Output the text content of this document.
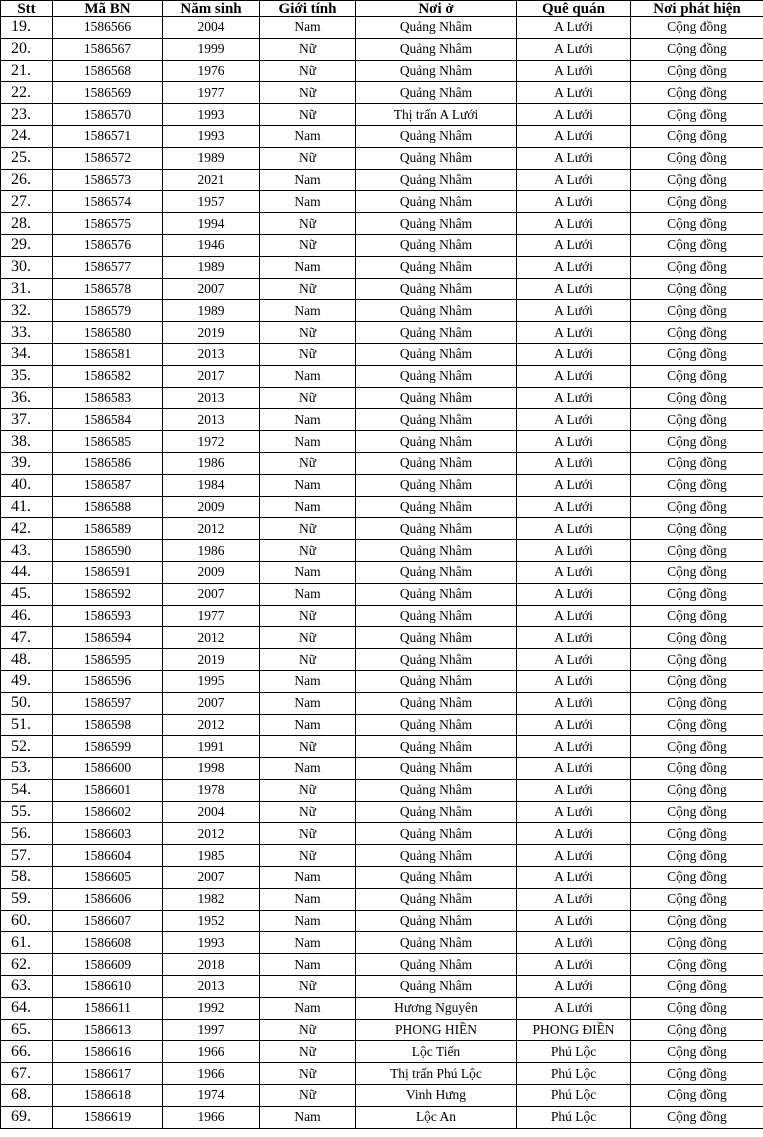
Stt	Mã BN	Năm sinh	Giới tính	Nơi ở	Quê quán	Nơi phát hiện
19.	1586566	2004	Nam	Quảng Nhâm	A Lưới	Cộng đồng
20.	1586567	1999	Nữ	Quảng Nhâm	A Lưới	Cộng đồng
21.	1586568	1976	Nữ	Quảng Nhâm	A Lưới	Cộng đồng
22.	1586569	1977	Nữ	Quảng Nhâm	A Lưới	Cộng đồng
23.	1586570	1993	Nữ	Thị trấn A Lưới	A Lưới	Cộng đồng
24.	1586571	1993	Nam	Quảng Nhâm	A Lưới	Cộng đồng
25.	1586572	1989	Nữ	Quảng Nhâm	A Lưới	Cộng đồng
26.	1586573	2021	Nam	Quảng Nhâm	A Lưới	Cộng đồng
27.	1586574	1957	Nam	Quảng Nhâm	A Lưới	Cộng đồng
28.	1586575	1994	Nữ	Quảng Nhâm	A Lưới	Cộng đồng
29.	1586576	1946	Nữ	Quảng Nhâm	A Lưới	Cộng đồng
30.	1586577	1989	Nam	Quảng Nhâm	A Lưới	Cộng đồng
31.	1586578	2007	Nữ	Quảng Nhâm	A Lưới	Cộng đồng
32.	1586579	1989	Nam	Quảng Nhâm	A Lưới	Cộng đồng
33.	1586580	2019	Nữ	Quảng Nhâm	A Lưới	Cộng đồng
34.	1586581	2013	Nữ	Quảng Nhâm	A Lưới	Cộng đồng
35.	1586582	2017	Nam	Quảng Nhâm	A Lưới	Cộng đồng
36.	1586583	2013	Nữ	Quảng Nhâm	A Lưới	Cộng đồng
37.	1586584	2013	Nam	Quảng Nhâm	A Lưới	Cộng đồng
38.	1586585	1972	Nam	Quảng Nhâm	A Lưới	Cộng đồng
39.	1586586	1986	Nữ	Quảng Nhâm	A Lưới	Cộng đồng
40.	1586587	1984	Nam	Quảng Nhâm	A Lưới	Cộng đồng
41.	1586588	2009	Nam	Quảng Nhâm	A Lưới	Cộng đồng
42.	1586589	2012	Nữ	Quảng Nhâm	A Lưới	Cộng đồng
43.	1586590	1986	Nữ	Quảng Nhâm	A Lưới	Cộng đồng
44.	1586591	2009	Nam	Quảng Nhâm	A Lưới	Cộng đồng
45.	1586592	2007	Nam	Quảng Nhâm	A Lưới	Cộng đồng
46.	1586593	1977	Nữ	Quảng Nhâm	A Lưới	Cộng đồng
47.	1586594	2012	Nữ	Quảng Nhâm	A Lưới	Cộng đồng
48.	1586595	2019	Nữ	Quảng Nhâm	A Lưới	Cộng đồng
49.	1586596	1995	Nam	Quảng Nhâm	A Lưới	Cộng đồng
50.	1586597	2007	Nam	Quảng Nhâm	A Lưới	Cộng đồng
51.	1586598	2012	Nam	Quảng Nhâm	A Lưới	Cộng đồng
52.	1586599	1991	Nữ	Quảng Nhâm	A Lưới	Cộng đồng
53.	1586600	1998	Nam	Quảng Nhâm	A Lưới	Cộng đồng
54.	1586601	1978	Nữ	Quảng Nhâm	A Lưới	Cộng đồng
55.	1586602	2004	Nữ	Quảng Nhâm	A Lưới	Cộng đồng
56.	1586603	2012	Nữ	Quảng Nhâm	A Lưới	Cộng đồng
57.	1586604	1985	Nữ	Quảng Nhâm	A Lưới	Cộng đồng
58.	1586605	2007	Nam	Quảng Nhâm	A Lưới	Cộng đồng
59.	1586606	1982	Nam	Quảng Nhâm	A Lưới	Cộng đồng
60.	1586607	1952	Nam	Quảng Nhâm	A Lưới	Cộng đồng
61.	1586608	1993	Nam	Quảng Nhâm	A Lưới	Cộng đồng
62.	1586609	2018	Nam	Quảng Nhâm	A Lưới	Cộng đồng
63.	1586610	2013	Nữ	Quảng Nhâm	A Lưới	Cộng đồng
64.	1586611	1992	Nam	Hương Nguyên	A Lưới	Cộng đồng
65.	1586613	1997	Nữ	PHONG HIỀN	PHONG ĐIỀN	Cộng đồng
66.	1586616	1966	Nữ	Lộc Tiến	Phú Lộc	Cộng đồng
67.	1586617	1966	Nữ	Thị trấn Phú Lộc	Phú Lộc	Cộng đồng
68.	1586618	1974	Nữ	Vinh Hưng	Phú Lộc	Cộng đồng
69.	1586619	1966	Nam	Lộc An	Phú Lộc	Cộng đồng
